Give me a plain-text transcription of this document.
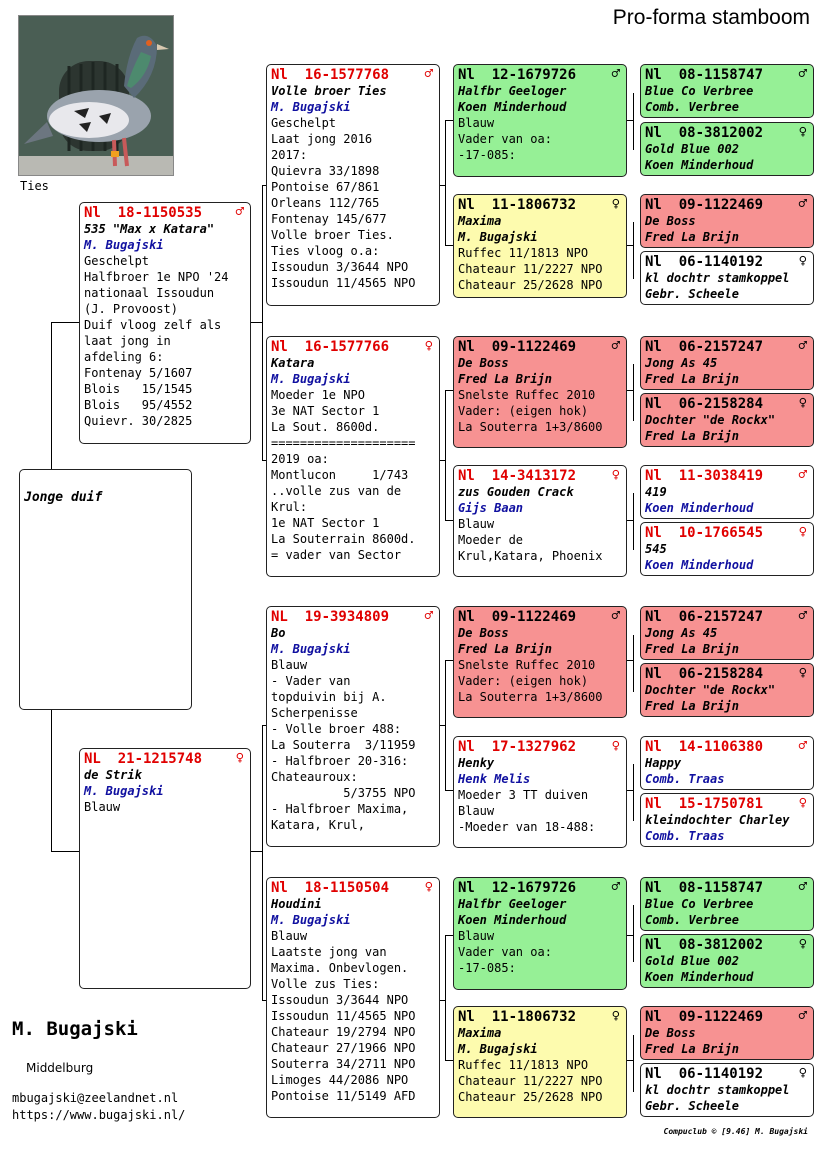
Pro-forma stamboom
Ties
Jonge duif
Nl  18-1150535	♂
535 "Max x Katara"
M. Bugajski
Geschelpt
Halfbroer 1e NPO '24
nationaal Issoudun
(J. Provoost)
Duif vloog zelf als
laat jong in
afdeling 6:
Fontenay 5/1607
Blois   15/1545
Blois   95/4552
Quievr. 30/2825
NL  21-1215748	♀
de Strik
M. Bugajski
Blauw
Nl  16-1577768	♂
Volle broer Ties
M. Bugajski
Geschelpt
Laat jong 2016
2017:
Quievra 33/1898
Pontoise 67/861
Orleans 112/765
Fontenay 145/677
Volle broer Ties.
Ties vloog o.a:
Issoudun 3/3644 NPO
Issoudun 11/4565 NPO
Nl  16-1577766	♀
Katara
M. Bugajski
Moeder 1e NPO
3e NAT Sector 1
La Sout. 8600d.
====================
2019 oa:
Montlucon     1/743
..volle zus van de
Krul:
1e NAT Sector 1
La Souterrain 8600d.
= vader van Sector
NL  19-3934809	♂
Bo
M. Bugajski
Blauw
- Vader van
topduivin bij A.
Scherpenisse
- Volle broer 488:
La Souterra  3/11959
- Halfbroer 20-316:
Chateauroux:
5/3755 NPO
- Halfbroer Maxima,
Katara, Krul,
Nl  18-1150504	♀
Houdini
M. Bugajski
Blauw
Laatste jong van
Maxima. Onbevlogen.
Volle zus Ties:
Issoudun 3/3644 NPO
Issoudun 11/4565 NPO
Chateaur 19/2794 NPO
Chateaur 27/1966 NPO
Souterra 34/2711 NPO
Limoges 44/2086 NPO
Pontoise 11/5149 AFD
Nl  12-1679726	♂
Halfbr Geeloger
Koen Minderhoud
Blauw
Vader van oa:
-17-085:
Nl  11-1806732	♀
Maxima
M. Bugajski
Ruffec 11/1813 NPO
Chateaur 11/2227 NPO
Chateaur 25/2628 NPO
Nl  09-1122469	♂
De Boss
Fred La Brijn
Snelste Ruffec 2010
Vader: (eigen hok)
La Souterra 1+3/8600
Nl  14-3413172	♀
zus Gouden Crack
Gijs Baan
Blauw
Moeder de
Krul,Katara, Phoenix
Nl  09-1122469	♂
De Boss
Fred La Brijn
Snelste Ruffec 2010
Vader: (eigen hok)
La Souterra 1+3/8600
Nl  17-1327962	♀
Henky
Henk Melis
Moeder 3 TT duiven
Blauw
-Moeder van 18-488:
Nl  12-1679726	♂
Halfbr Geeloger
Koen Minderhoud
Blauw
Vader van oa:
-17-085:
Nl  11-1806732	♀
Maxima
M. Bugajski
Ruffec 11/1813 NPO
Chateaur 11/2227 NPO
Chateaur 25/2628 NPO
Nl  08-1158747	♂
Blue Co Verbree
Comb. Verbree
Nl  08-3812002	♀
Gold Blue 002
Koen Minderhoud
Nl  09-1122469	♂
De Boss
Fred La Brijn
Nl  06-1140192	♀
kl dochtr stamkoppel
Gebr. Scheele
Nl  06-2157247	♂
Jong As 45
Fred La Brijn
Nl  06-2158284	♀
Dochter "de Rockx"
Fred La Brijn
Nl  11-3038419	♂
419
Koen Minderhoud
Nl  10-1766545	♀
545
Koen Minderhoud
Nl  06-2157247	♂
Jong As 45
Fred La Brijn
Nl  06-2158284	♀
Dochter "de Rockx"
Fred La Brijn
Nl  14-1106380	♂
Happy
Comb. Traas
Nl  15-1750781	♀
kleindochter Charley
Comb. Traas
Nl  08-1158747	♂
Blue Co Verbree
Comb. Verbree
Nl  08-3812002	♀
Gold Blue 002
Koen Minderhoud
Nl  09-1122469	♂
De Boss
Fred La Brijn
Nl  06-1140192	♀
kl dochtr stamkoppel
Gebr. Scheele
M. Bugajski
Middelburg
mbugajski@zeelandnet.nl
https://www.bugajski.nl/
Compuclub © [9.46] M. Bugajski
